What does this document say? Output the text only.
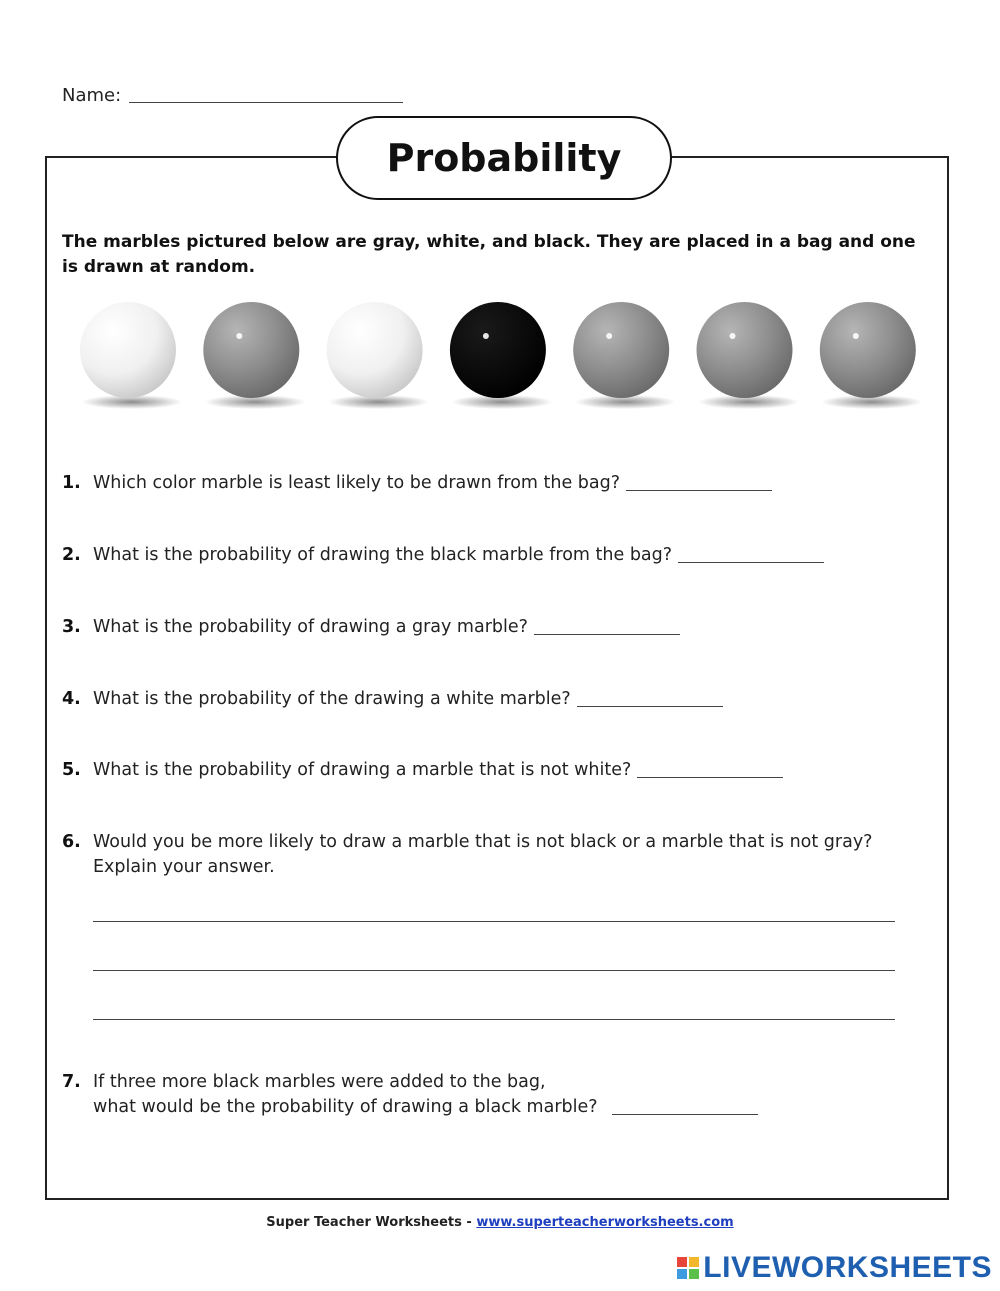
Name:
Probability
The marbles pictured below are gray, white, and black. They are placed in a bag and one is drawn at random.
1. Which color marble is least likely to be drawn from the bag?
2. What is the probability of drawing the black marble from the bag?
3. What is the probability of drawing a gray marble?
4. What is the probability of the drawing a white marble?
5. What is the probability of drawing a marble that is not white?
6. Would you be more likely to draw a marble that is not black or a marble that is not gray? Explain your answer.
7. If three more black marbles were added to the bag,
what would be the probability of drawing a black marble?
Super Teacher Worksheets - www.superteacherworksheets.com
LIVEWORKSHEETS
